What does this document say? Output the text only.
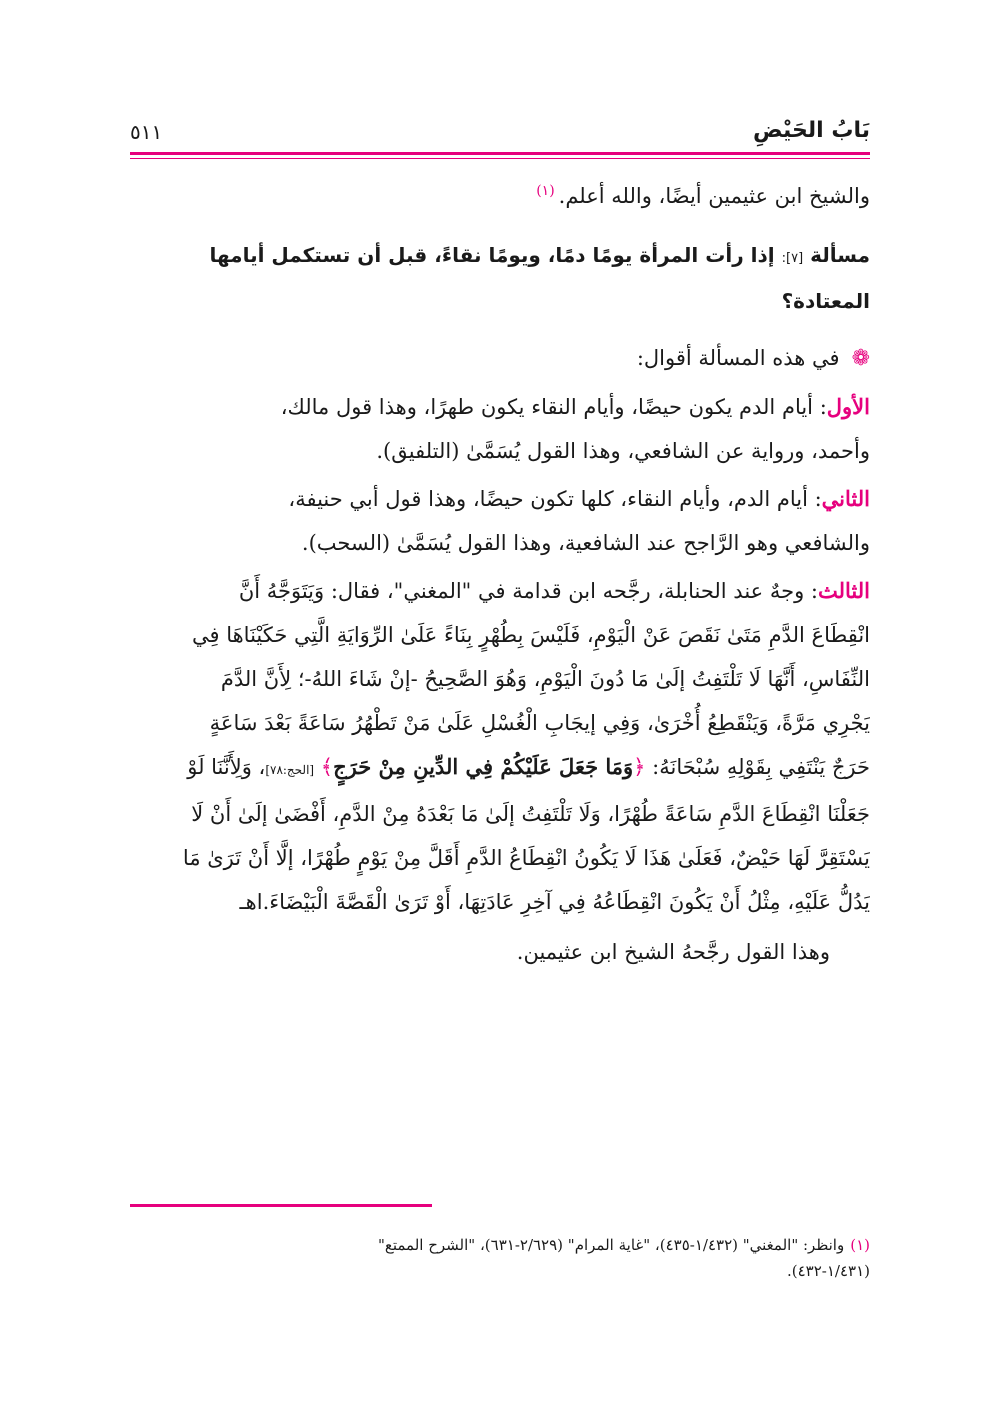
بَابُ الحَيْضِ
٥١١

والشيخ ابن عثيمين أيضًا، والله أعلم.$^{(١)}$

مسألة [٧]: إذا رأت المرأة يومًا دمًا، ويومًا نقاءً، قبل أن تستكمل أيامها

المعتادة؟

❁في هذه المسألة أقوال:

الأول: أيام الدم يكون حيضًا، وأيام النقاء يكون طهرًا، وهذا قول مالك،

وأحمد، ورواية عن الشافعي، وهذا القول يُسَمَّىٰ (التلفيق).

الثاني: أيام الدم، وأيام النقاء، كلها تكون حيضًا، وهذا قول أبي حنيفة،

والشافعي وهو الرَّاجح عند الشافعية، وهذا القول يُسَمَّىٰ (السحب).

الثالث: وجهٌ عند الحنابلة، رجَّحه ابن قدامة في "المغني"، فقال: وَيَتَوَجَّهُ أَنَّ

انْقِطَاعَ الدَّمِ مَتَىٰ نَقَصَ عَنْ الْيَوْمِ، فَلَيْسَ بِطُهْرٍ بِنَاءً عَلَىٰ الرِّوَايَةِ الَّتِي حَكَيْنَاهَا فِي

النِّفَاسِ، أَنَّهَا لَا تَلْتَفِتُ إلَىٰ مَا دُونَ الْيَوْمِ، وَهُوَ الصَّحِيحُ -إنْ شَاءَ اللهُ-؛ لِأَنَّ الدَّمَ

يَجْرِي مَرَّةً، وَيَنْقَطِعُ أُخْرَىٰ، وَفِي إيجَابِ الْغُسْلِ عَلَىٰ مَنْ تَطْهُرُ سَاعَةً بَعْدَ سَاعَةٍ

حَرَجٌ يَنْتَفِي بِقَوْلِهِ سُبْحَانَهُ: ﴿وَمَا جَعَلَ عَلَيْكُمْ فِي الدِّينِ مِنْ حَرَجٍ﴾ [الحج:٧٨]، وَلِأَنَّنَا لَوْ

جَعَلْنَا انْقِطَاعَ الدَّمِ سَاعَةً طُهْرًا، وَلَا تَلْتَفِتُ إلَىٰ مَا بَعْدَهُ مِنْ الدَّمِ، أَفْضَىٰ إلَىٰ أَنْ لَا

يَسْتَقِرَّ لَهَا حَيْضٌ، فَعَلَىٰ هَذَا لَا يَكُونُ انْقِطَاعُ الدَّمِ أَقَلَّ مِنْ يَوْمٍ طُهْرًا، إلَّا أَنْ تَرَىٰ مَا

يَدُلُّ عَلَيْهِ، مِثْلُ أَنْ يَكُونَ انْقِطَاعُهُ فِي آخِرِ عَادَتِهَا، أَوْ تَرَىٰ الْقَصَّةَ الْبَيْضَاءَ.اهـ

وهذا القول رجَّحهُ الشيخ ابن عثيمين.

(١)وانظر: "المغني" (١/٤٣٢-٤٣٥)، "غاية المرام" (٢/٦٢٩-٦٣١)، "الشرح الممتع"

(١/٤٣١-٤٣٢).
